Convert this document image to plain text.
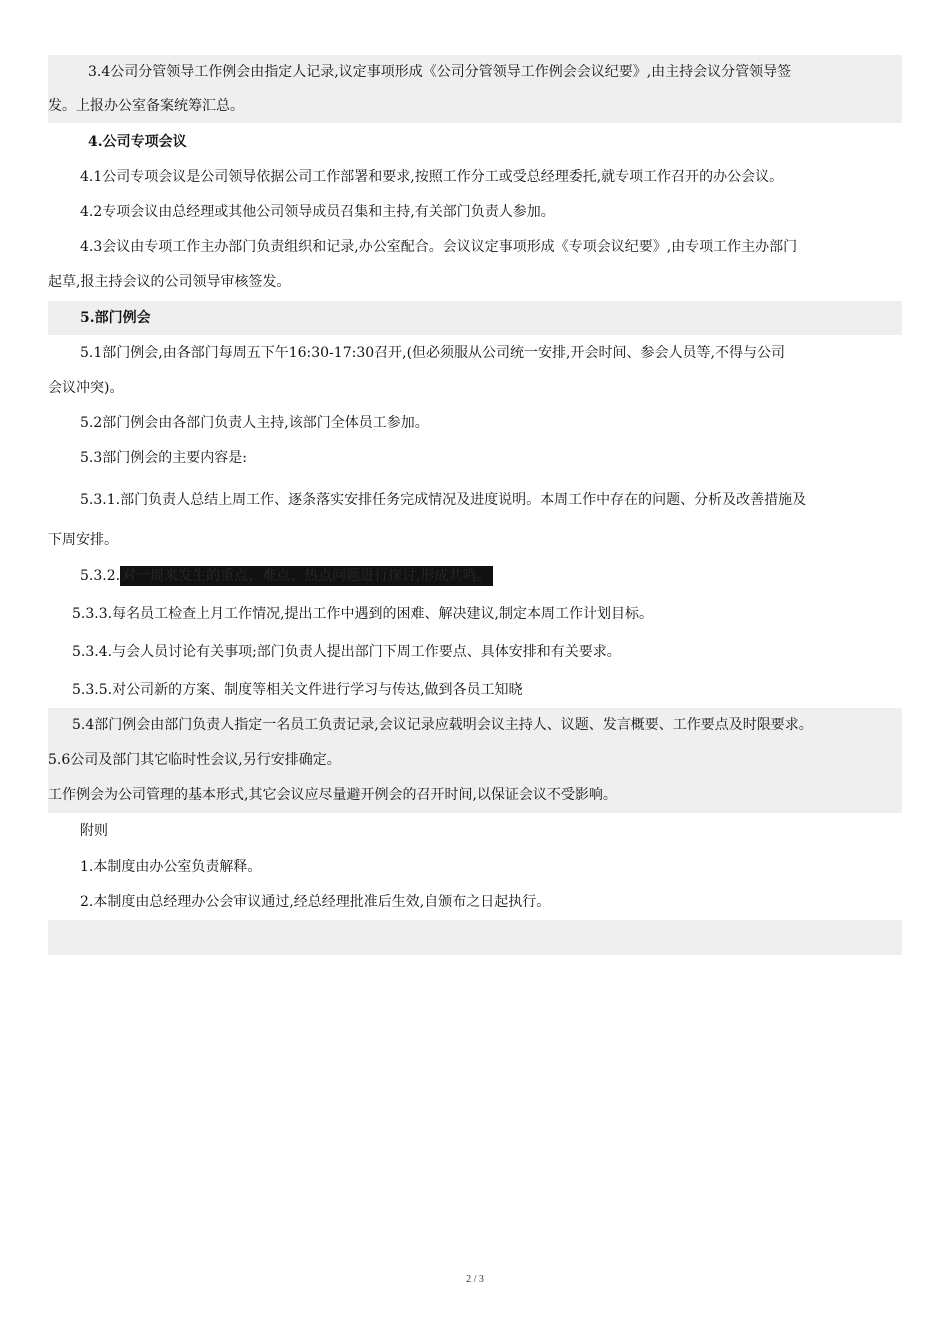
3.4公司分管领导工作例会由指定人记录,议定事项形成《公司分管领导工作例会会议纪要》,由主持会议分管领导签
发。上报办公室备案统筹汇总。
4.公司专项会议
4.1公司专项会议是公司领导依据公司工作部署和要求,按照工作分工或受总经理委托,就专项工作召开的办公会议。
4.2专项会议由总经理或其他公司领导成员召集和主持,有关部门负责人参加。
4.3会议由专项工作主办部门负责组织和记录,办公室配合。会议议定事项形成《专项会议纪要》,由专项工作主办部门
起草,报主持会议的公司领导审核签发。
5.部门例会
5.1部门例会,由各部门每周五下午16:30-17:30召开,(但必须服从公司统一安排,开会时间、参会人员等,不得与公司
会议冲突)。
5.2部门例会由各部门负责人主持,该部门全体员工参加。
5.3部门例会的主要内容是:
5.3.1.部门负责人总结上周工作、逐条落实安排任务完成情况及进度说明。本周工作中存在的问题、分析及改善措施及
下周安排。
5.3.2. 对一周来发生的重点、难点、热点问题进行探讨,形成共鸣。
5.3.3.每名员工检查上月工作情况,提出工作中遇到的困难、解决建议,制定本周工作计划目标。
5.3.4.与会人员讨论有关事项;部门负责人提出部门下周工作要点、具体安排和有关要求。
5.3.5.对公司新的方案、制度等相关文件进行学习与传达,做到各员工知晓
5.4部门例会由部门负责人指定一名员工负责记录,会议记录应载明会议主持人、议题、发言概要、工作要点及时限要求。
5.6公司及部门其它临时性会议,另行安排确定。
工作例会为公司管理的基本形式,其它会议应尽量避开例会的召开时间,以保证会议不受影响。
附则
1.本制度由办公室负责解释。
2.本制度由总经理办公会审议通过,经总经理批准后生效,自颁布之日起执行。
2 / 3
